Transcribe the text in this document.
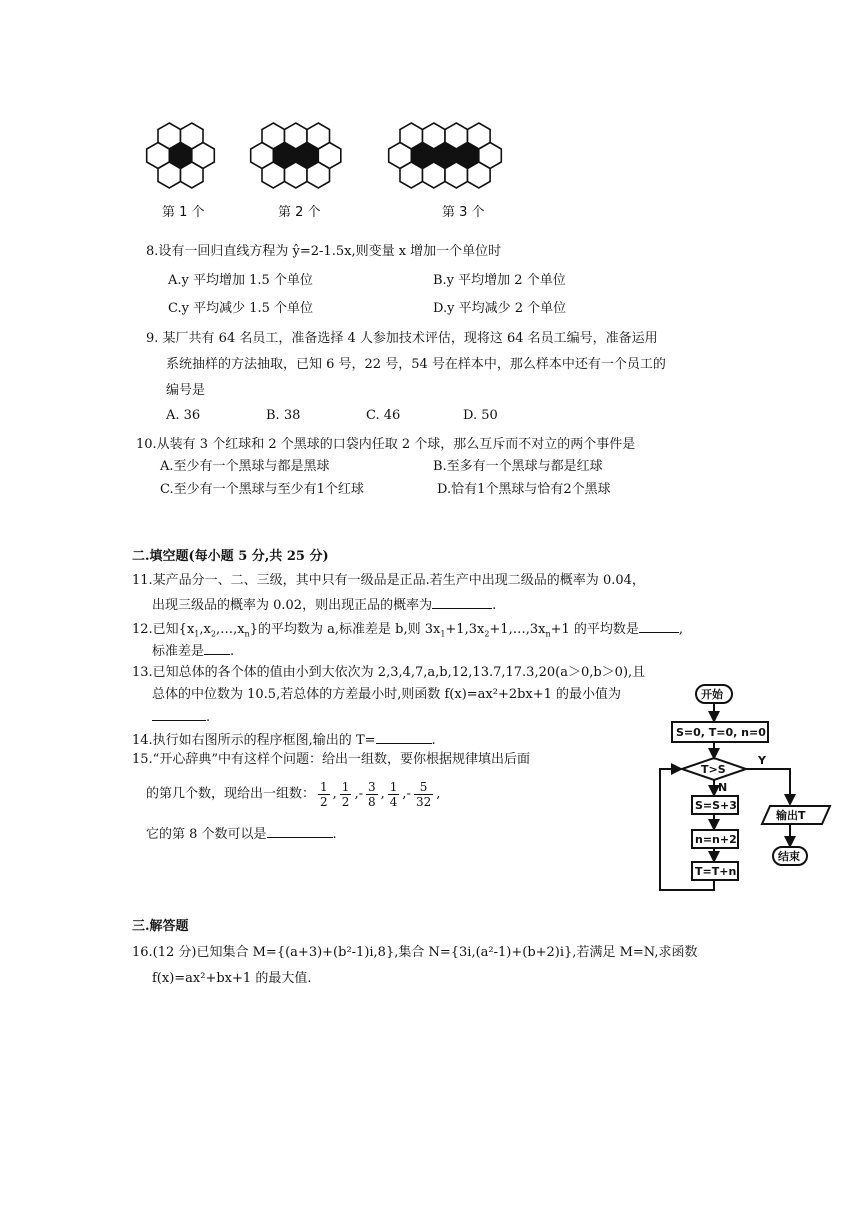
第 1 个	第 2 个	第 3 个
8.设有一回归直线方程为 ŷ=2-1.5x,则变量 x 增加一个单位时
A.y 平均增加 1.5 个单位	B.y 平均增加 2 个单位
C.y 平均减少 1.5 个单位	D.y 平均减少 2 个单位
9. 某厂共有 64 名员工，准备选择 4 人参加技术评估，现将这 64 名员工编号，准备运用
系统抽样的方法抽取，已知 6 号，22 号，54 号在样本中，那么样本中还有一个员工的
编号是
A. 36	B. 38	C. 46	D. 50
10.从装有 3 个红球和 2 个黑球的口袋内任取 2 个球，那么互斥而不对立的两个事件是
A.至少有一个黑球与都是黑球	B.至多有一个黑球与都是红球
C.至少有一个黑球与至少有1个红球	D.恰有1个黑球与恰有2个黑球
二.填空题(每小题 5 分,共 25 分)
11.某产品分一、二、三级，其中只有一级品是正品.若生产中出现二级品的概率为 0.04，
出现三级品的概率为 0.02，则出现正品的概率为	.
12.已知$\{x_1,x_2,\dots,x_n\}$的平均数为 a,标准差是 b,则 $3x_1+1,3x_2+1,\dots,3x_n+1$ 的平均数是	,
标准差是 .
13.已知总体的各个体的值由小到大依次为 2,3,4,7,a,b,12,13.7,17.3,20(a＞0,b＞0),且
总体的中位数为 10.5,若总体的方差最小时,则函数 f(x)=ax²+2bx+1 的最小值为
.
14.执行如右图所示的程序框图,输出的 T=	.
15.“开心辞典”中有这样个问题：给出一组数，要你根据规律填出后面
的第几个数，现给出一组数： $\frac{1}{2}$ , $\frac{1}{2}$ ,- $\frac{3}{8}$ , $\frac{1}{4}$ ,- $\frac{5}{32}$ ,
它的第 8 个数可以是	.
开始
S=0, T=0, n=0
T>S
Y
N
S=S+3
n=n+2
T=T+n
输出T
结束
三.解答题
16.(12 分)已知集合 M={(a+3)+(b²-1)i,8},集合 N={3i,(a²-1)+(b+2)i},若满足 M=N,求函数
f(x)=ax²+bx+1 的最大值.
